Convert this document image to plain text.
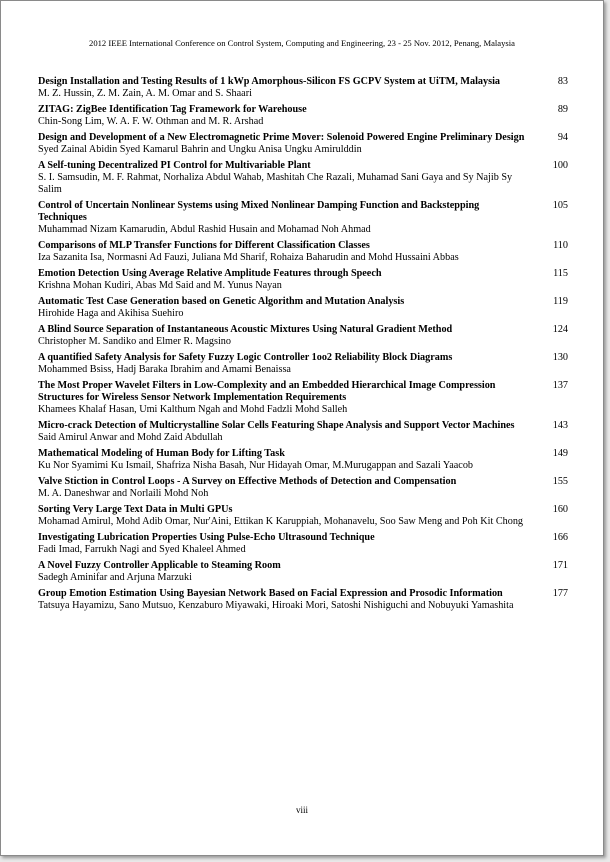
2012 IEEE International Conference on Control System, Computing and Engineering, 23 - 25 Nov. 2012, Penang, Malaysia
Design Installation and Testing Results of 1 kWp Amorphous-Silicon FS GCPV System at UiTM, Malaysia
M. Z. Hussin, Z. M. Zain, A. M. Omar and S. Shaari
83
ZITAG: ZigBee Identification Tag Framework for Warehouse
Chin-Song Lim, W. A. F. W. Othman and M. R. Arshad
89
Design and Development of a New Electromagnetic Prime Mover: Solenoid Powered Engine Preliminary Design
Syed Zainal Abidin Syed Kamarul Bahrin and Ungku Anisa Ungku Amirulddin
94
A Self-tuning Decentralized PI Control for Multivariable Plant
S. I. Samsudin, M. F. Rahmat, Norhaliza Abdul Wahab, Mashitah Che Razali, Muhamad Sani Gaya and Sy Najib Sy Salim
100
Control of Uncertain Nonlinear Systems using Mixed Nonlinear Damping Function and Backstepping Techniques
Muhammad Nizam Kamarudin, Abdul Rashid Husain and Mohamad Noh Ahmad
105
Comparisons of MLP Transfer Functions for Different Classification Classes
Iza Sazanita Isa, Normasni Ad Fauzi, Juliana Md Sharif, Rohaiza Baharudin and Mohd Hussaini Abbas
110
Emotion Detection Using Average Relative Amplitude Features through Speech
Krishna Mohan Kudiri, Abas Md Said and M. Yunus Nayan
115
Automatic Test Case Generation based on Genetic Algorithm and Mutation Analysis
Hirohide Haga and Akihisa Suehiro
119
A Blind Source Separation of Instantaneous Acoustic Mixtures Using Natural Gradient Method
Christopher M. Sandiko and Elmer R. Magsino
124
A quantified Safety Analysis for Safety Fuzzy Logic Controller 1oo2 Reliability Block Diagrams
Mohammed Bsiss, Hadj Baraka Ibrahim and Amami Benaissa
130
The Most Proper Wavelet Filters in Low-Complexity and an Embedded Hierarchical Image Compression Structures for Wireless Sensor Network Implementation Requirements
Khamees Khalaf Hasan, Umi Kalthum Ngah and Mohd Fadzli Mohd Salleh
137
Micro-crack Detection of Multicrystalline Solar Cells Featuring Shape Analysis and Support Vector Machines
Said Amirul Anwar and Mohd Zaid Abdullah
143
Mathematical Modeling of Human Body for Lifting Task
Ku Nor Syamimi Ku Ismail, Shafriza Nisha Basah, Nur Hidayah Omar, M.Murugappan and Sazali Yaacob
149
Valve Stiction in Control Loops - A Survey on Effective Methods of Detection and Compensation
M. A. Daneshwar and Norlaili Mohd Noh
155
Sorting Very Large Text Data in Multi GPUs
Mohamad Amirul, Mohd Adib Omar, Nur'Aini, Ettikan K Karuppiah, Mohanavelu, Soo Saw Meng and Poh Kit Chong
160
Investigating Lubrication Properties Using Pulse-Echo Ultrasound Technique
Fadi Imad, Farrukh Nagi and Syed Khaleel Ahmed
166
A Novel Fuzzy Controller Applicable to Steaming Room
Sadegh Aminifar and Arjuna Marzuki
171
Group Emotion Estimation Using Bayesian Network Based on Facial Expression and Prosodic Information
Tatsuya Hayamizu, Sano Mutsuo, Kenzaburo Miyawaki, Hiroaki Mori, Satoshi Nishiguchi and Nobuyuki Yamashita
177
viii
